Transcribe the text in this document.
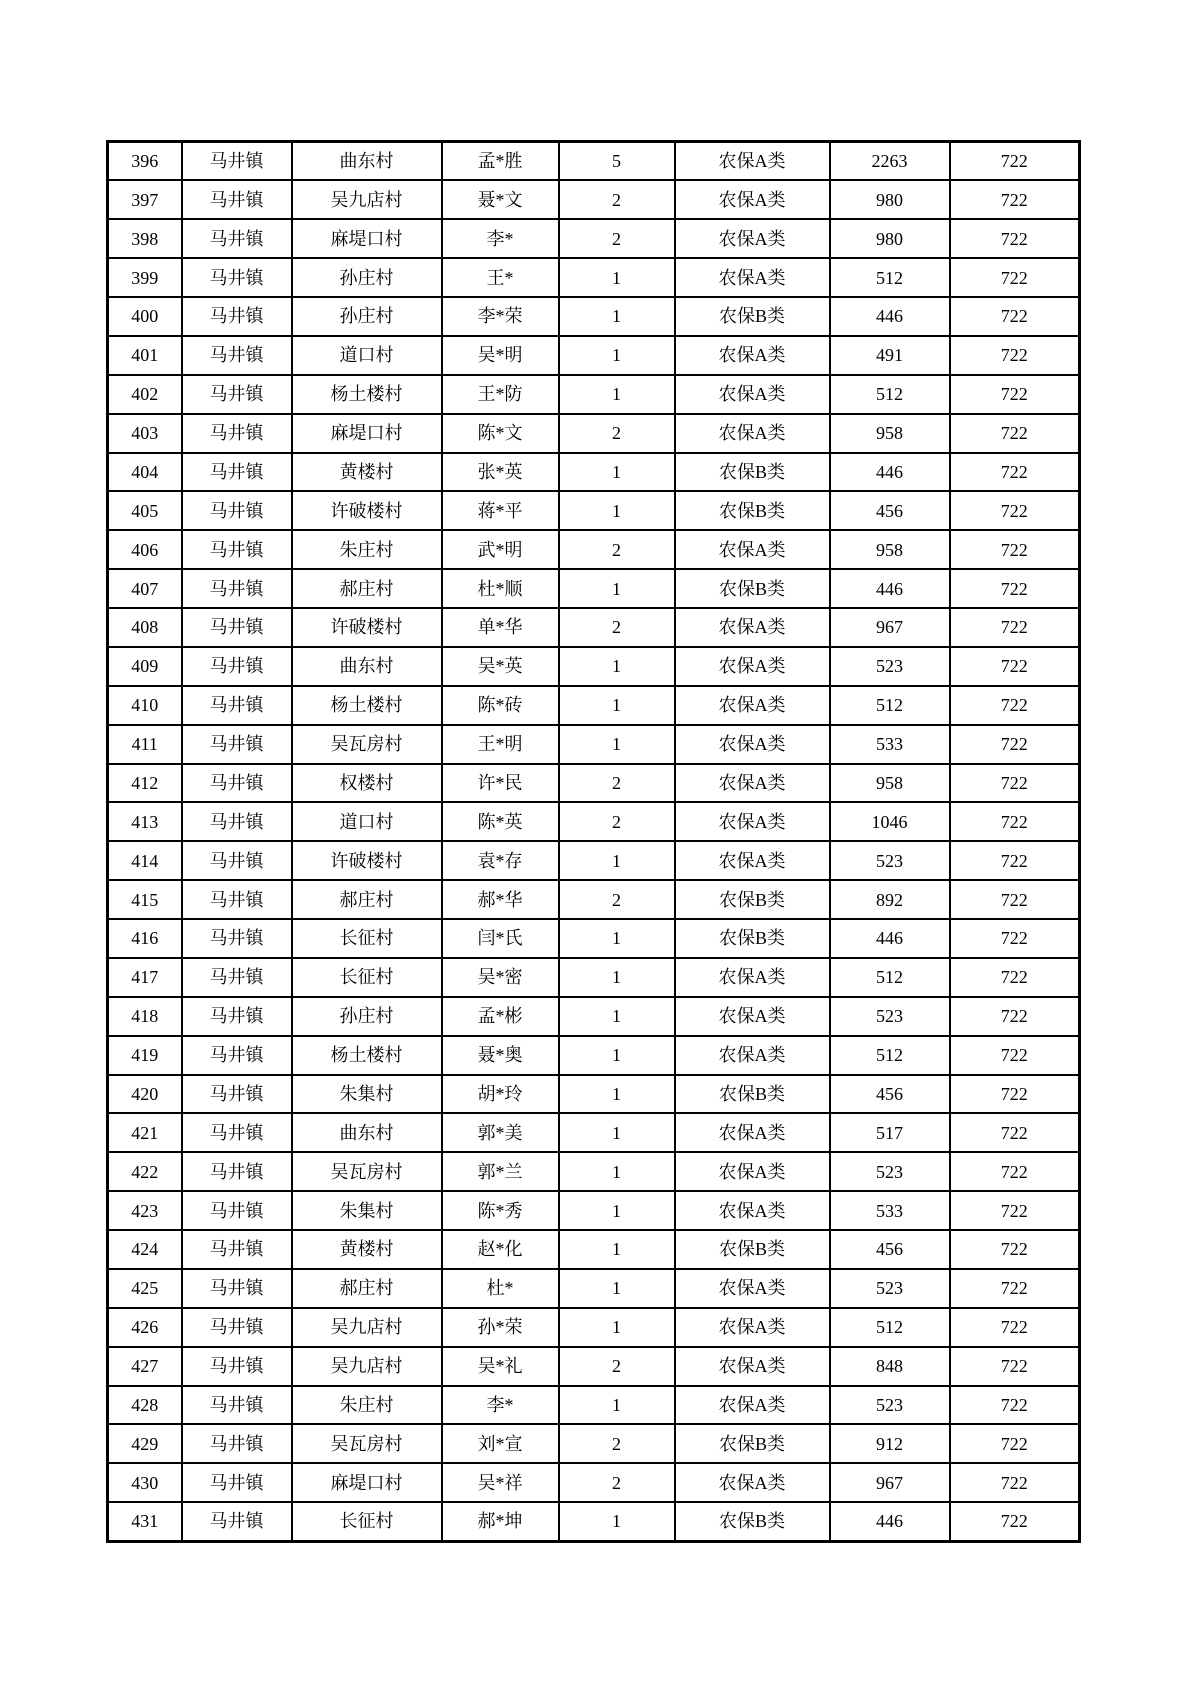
396	马井镇	曲东村	孟*胜	5	农保A类	2263	722
397	马井镇	吴九店村	聂*文	2	农保A类	980	722
398	马井镇	麻堤口村	李*	2	农保A类	980	722
399	马井镇	孙庄村	王*	1	农保A类	512	722
400	马井镇	孙庄村	李*荣	1	农保B类	446	722
401	马井镇	道口村	吴*明	1	农保A类	491	722
402	马井镇	杨土楼村	王*防	1	农保A类	512	722
403	马井镇	麻堤口村	陈*文	2	农保A类	958	722
404	马井镇	黄楼村	张*英	1	农保B类	446	722
405	马井镇	许破楼村	蒋*平	1	农保B类	456	722
406	马井镇	朱庄村	武*明	2	农保A类	958	722
407	马井镇	郝庄村	杜*顺	1	农保B类	446	722
408	马井镇	许破楼村	单*华	2	农保A类	967	722
409	马井镇	曲东村	吴*英	1	农保A类	523	722
410	马井镇	杨土楼村	陈*砖	1	农保A类	512	722
411	马井镇	吴瓦房村	王*明	1	农保A类	533	722
412	马井镇	权楼村	许*民	2	农保A类	958	722
413	马井镇	道口村	陈*英	2	农保A类	1046	722
414	马井镇	许破楼村	袁*存	1	农保A类	523	722
415	马井镇	郝庄村	郝*华	2	农保B类	892	722
416	马井镇	长征村	闫*氏	1	农保B类	446	722
417	马井镇	长征村	吴*密	1	农保A类	512	722
418	马井镇	孙庄村	孟*彬	1	农保A类	523	722
419	马井镇	杨土楼村	聂*奥	1	农保A类	512	722
420	马井镇	朱集村	胡*玲	1	农保B类	456	722
421	马井镇	曲东村	郭*美	1	农保A类	517	722
422	马井镇	吴瓦房村	郭*兰	1	农保A类	523	722
423	马井镇	朱集村	陈*秀	1	农保A类	533	722
424	马井镇	黄楼村	赵*化	1	农保B类	456	722
425	马井镇	郝庄村	杜*	1	农保A类	523	722
426	马井镇	吴九店村	孙*荣	1	农保A类	512	722
427	马井镇	吴九店村	吴*礼	2	农保A类	848	722
428	马井镇	朱庄村	李*	1	农保A类	523	722
429	马井镇	吴瓦房村	刘*宣	2	农保B类	912	722
430	马井镇	麻堤口村	吴*祥	2	农保A类	967	722
431	马井镇	长征村	郝*坤	1	农保B类	446	722
